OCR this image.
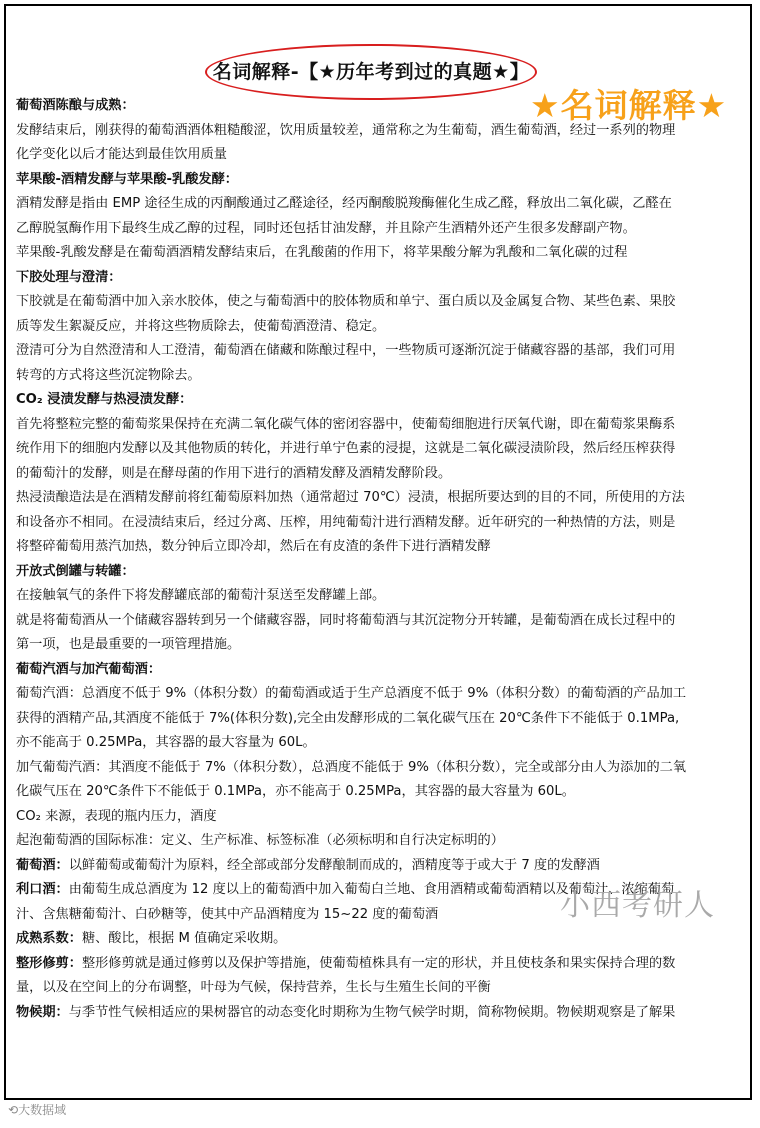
名词解释-【★历年考到过的真题★】
★名词解释★
葡萄酒陈酿与成熟：
发酵结束后，刚获得的葡萄酒酒体粗糙酸涩，饮用质量较差，通常称之为生葡萄，酒生葡萄酒，经过一系列的物理
化学变化以后才能达到最佳饮用质量
苹果酸-酒精发酵与苹果酸-乳酸发酵：
酒精发酵是指由 EMP 途径生成的丙酮酸通过乙醛途径，经丙酮酸脱羧酶催化生成乙醛，释放出二氧化碳，乙醛在
乙醇脱氢酶作用下最终生成乙醇的过程，同时还包括甘油发酵，并且除产生酒精外还产生很多发酵副产物。
苹果酸-乳酸发酵是在葡萄酒酒精发酵结束后，在乳酸菌的作用下，将苹果酸分解为乳酸和二氧化碳的过程
下胶处理与澄清：
下胶就是在葡萄酒中加入亲水胶体，使之与葡萄酒中的胶体物质和单宁、蛋白质以及金属复合物、某些色素、果胶
质等发生絮凝反应，并将这些物质除去，使葡萄酒澄清、稳定。
澄清可分为自然澄清和人工澄清，葡萄酒在储藏和陈酿过程中，一些物质可逐渐沉淀于储藏容器的基部，我们可用
转弯的方式将这些沉淀物除去。
CO₂ 浸渍发酵与热浸渍发酵：
首先将整粒完整的葡萄浆果保持在充满二氧化碳气体的密闭容器中，使葡萄细胞进行厌氧代谢，即在葡萄浆果酶系
统作用下的细胞内发酵以及其他物质的转化，并进行单宁色素的浸提，这就是二氧化碳浸渍阶段，然后经压榨获得
的葡萄汁的发酵，则是在酵母菌的作用下进行的酒精发酵及酒精发酵阶段。
热浸渍酿造法是在酒精发酵前将红葡萄原料加热（通常超过 70℃）浸渍，根据所要达到的目的不同，所使用的方法
和设备亦不相同。在浸渍结束后，经过分离、压榨，用纯葡萄汁进行酒精发酵。近年研究的一种热情的方法，则是
将整碎葡萄用蒸汽加热，数分钟后立即冷却，然后在有皮渣的条件下进行酒精发酵
开放式倒罐与转罐：
在接触氧气的条件下将发酵罐底部的葡萄汁泵送至发酵罐上部。
就是将葡萄酒从一个储藏容器转到另一个储藏容器，同时将葡萄酒与其沉淀物分开转罐，是葡萄酒在成长过程中的
第一项，也是最重要的一项管理措施。
葡萄汽酒与加汽葡萄酒：
葡萄汽酒：总酒度不低于 9%（体积分数）的葡萄酒或适于生产总酒度不低于 9%（体积分数）的葡萄酒的产品加工
获得的酒精产品,其酒度不能低于 7%(体积分数),完全由发酵形成的二氧化碳气压在 20℃条件下不能低于 0.1MPa,
亦不能高于 0.25MPa，其容器的最大容量为 60L。
加气葡萄汽酒：其酒度不能低于 7%（体积分数），总酒度不能低于 9%（体积分数），完全或部分由人为添加的二氧
化碳气压在 20℃条件下不能低于 0.1MPa，亦不能高于 0.25MPa，其容器的最大容量为 60L。
CO₂ 来源，表现的瓶内压力，酒度
起泡葡萄酒的国际标准：定义、生产标准、标签标准（必须标明和自行决定标明的）
葡萄酒：以鲜葡萄或葡萄汁为原料，经全部或部分发酵酿制而成的，酒精度等于或大于 7 度的发酵酒
利口酒：由葡萄生成总酒度为 12 度以上的葡萄酒中加入葡萄白兰地、食用酒精或葡萄酒精以及葡萄汁、浓缩葡萄
汁、含焦糖葡萄汁、白砂糖等，使其中产品酒精度为 15~22 度的葡萄酒
成熟系数：糖、酸比，根据 M 值确定采收期。
整形修剪：整形修剪就是通过修剪以及保护等措施，使葡萄植株具有一定的形状，并且使枝条和果实保持合理的数
量，以及在空间上的分布调整，叶母为气候，保持营养，生长与生殖生长间的平衡
物候期：与季节性气候相适应的果树器官的动态变化时期称为生物气候学时期，简称物候期。物候期观察是了解果
小西考研人
⟲大数据域
